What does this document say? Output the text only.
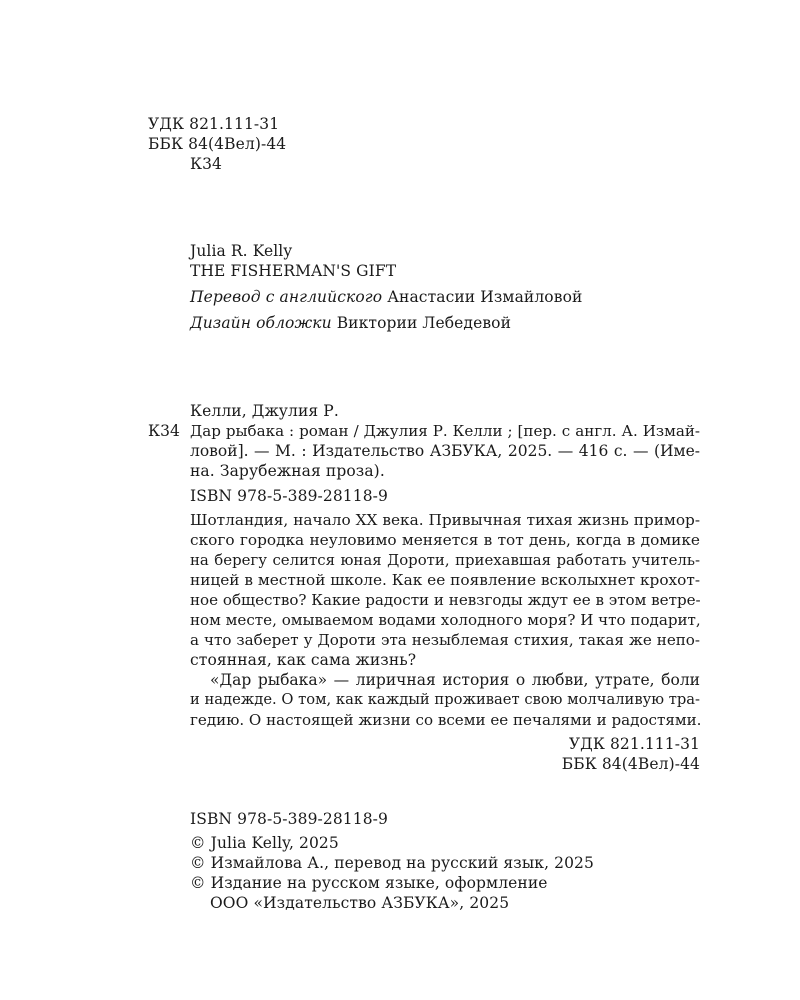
УДК 821.111-31
ББК 84(4Вел)-44
К34
Julia R. Kelly
THE FISHERMAN'S GIFT
Перевод с английского Анастасии Измайловой
Дизайн обложки Виктории Лебедевой
Келли, Джулия Р.
К34 Дар рыбака : роман / Джулия Р. Келли ; [пер. с англ. А. Измай-
ловой]. — М. : Издательство АЗБУКА, 2025. — 416 с. — (Име-
на. Зарубежная проза).
ISBN 978-5-389-28118-9
Шотландия, начало XX века. Привычная тихая жизнь примор-
ского городка неуловимо меняется в тот день, когда в домике
на берегу селится юная Дороти, приехавшая работать учитель-
ницей в местной школе. Как ее появление всколыхнет крохот-
ное общество? Какие радости и невзгоды ждут ее в этом ветре-
ном месте, омываемом водами холодного моря? И что подарит,
а что заберет у Дороти эта незыблемая стихия, такая же непо-
стоянная, как сама жизнь?
«Дар рыбака» — лиричная история о любви, утрате, боли
и надежде. О том, как каждый проживает свою молчаливую тра-
гедию. О настоящей жизни со всеми ее печалями и радостями.
УДК 821.111-31
ББК 84(4Вел)-44
ISBN 978-5-389-28118-9
© Julia Kelly, 2025
© Измайлова А., перевод на русский язык, 2025
© Издание на русском языке, оформление
ООО «Издательство АЗБУКА», 2025
